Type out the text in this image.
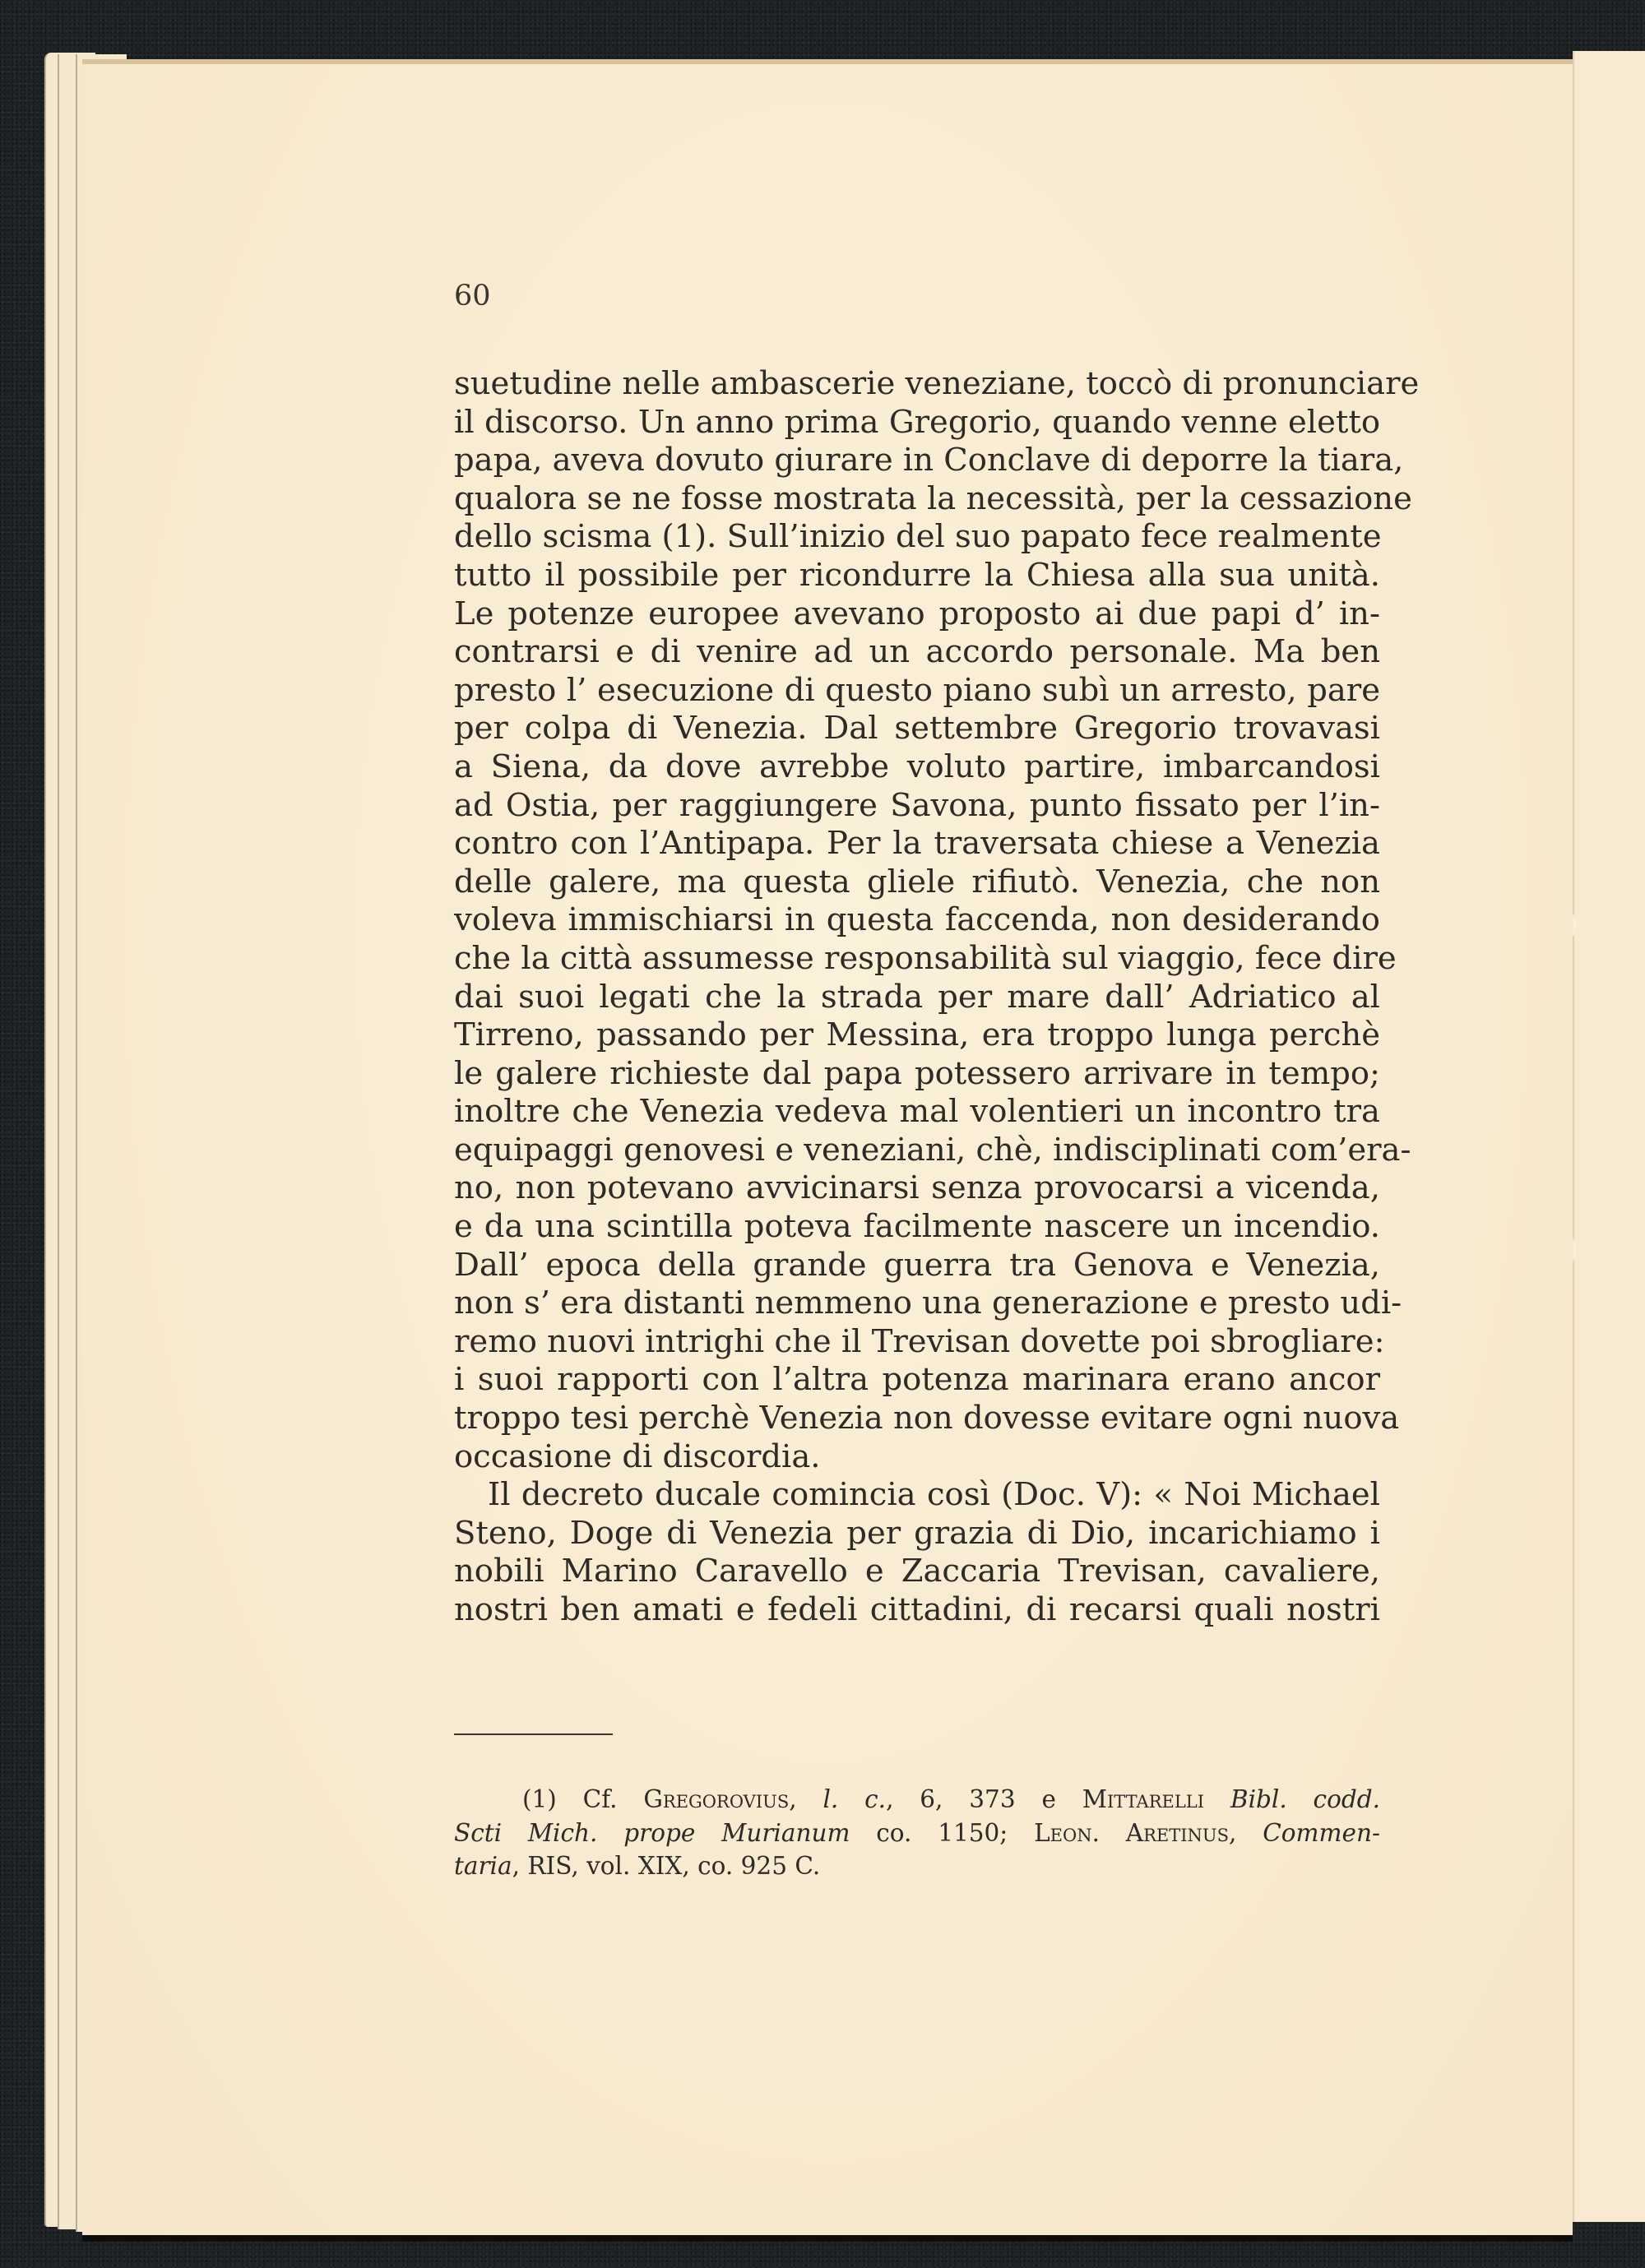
60
suetudine nelle ambascerie veneziane, toccò di pronunciare
il discorso. Un anno prima Gregorio, quando venne eletto
papa, aveva dovuto giurare in Conclave di deporre la tiara,
qualora se ne fosse mostrata la necessità, per la cessazione
dello scisma (1). Sull’inizio del suo papato fece realmente
tutto il possibile per ricondurre la Chiesa alla sua unità.
Le potenze europee avevano proposto ai due papi d’ in-
contrarsi e di venire ad un accordo personale. Ma ben
presto l’ esecuzione di questo piano subì un arresto, pare
per colpa di Venezia. Dal settembre Gregorio trovavasi
a Siena, da dove avrebbe voluto partire, imbarcandosi
ad Ostia, per raggiungere Savona, punto fissato per l’in-
contro con l’Antipapa. Per la traversata chiese a Venezia
delle galere, ma questa gliele rifiutò. Venezia, che non
voleva immischiarsi in questa faccenda, non desiderando
che la città assumesse responsabilità sul viaggio, fece dire
dai suoi legati che la strada per mare dall’ Adriatico al
Tirreno, passando per Messina, era troppo lunga perchè
le galere richieste dal papa potessero arrivare in tempo;
inoltre che Venezia vedeva mal volentieri un incontro tra
equipaggi genovesi e veneziani, chè, indisciplinati com’era-
no, non potevano avvicinarsi senza provocarsi a vicenda,
e da una scintilla poteva facilmente nascere un incendio.
Dall’ epoca della grande guerra tra Genova e Venezia,
non s’ era distanti nemmeno una generazione e presto udi-
remo nuovi intrighi che il Trevisan dovette poi sbrogliare:
i suoi rapporti con l’altra potenza marinara erano ancor
troppo tesi perchè Venezia non dovesse evitare ogni nuova
occasione di discordia.
Il decreto ducale comincia così (Doc. V): « Noi Michael
Steno, Doge di Venezia per grazia di Dio, incarichiamo i
nobili Marino Caravello e Zaccaria Trevisan, cavaliere,
nostri ben amati e fedeli cittadini, di recarsi quali nostri
(1) Cf. Gregorovius, l. c., 6, 373 e Mittarelli Bibl. codd.
Scti Mich. prope Murianum co. 1150; Leon. Aretinus, Commen-
taria, RIS, vol. XIX, co. 925 C.
